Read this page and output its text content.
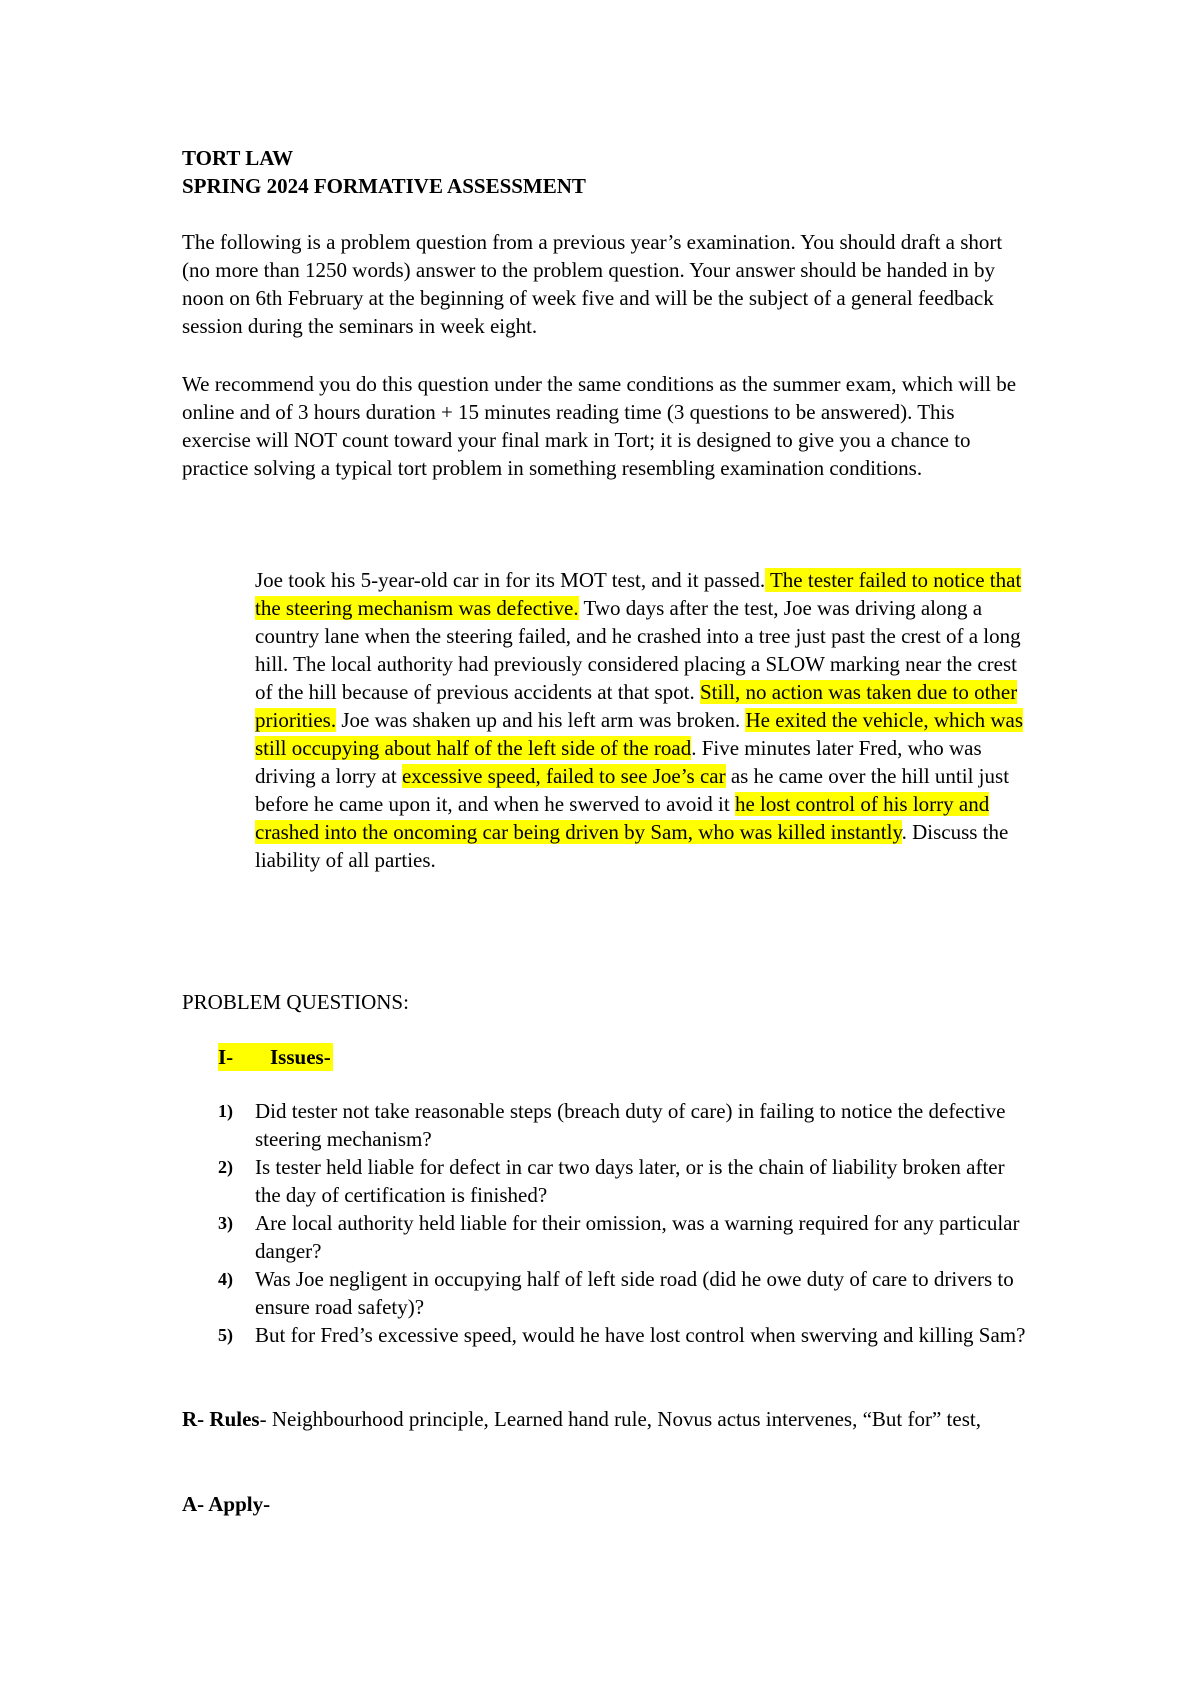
TORT LAW
SPRING 2024 FORMATIVE ASSESSMENT
The following is a problem question from a previous year’s examination. You should draft a short (no more than 1250 words) answer to the problem question. Your answer should be handed in by noon on 6th February at the beginning of week five and will be the subject of a general feedback session during the seminars in week eight.
We recommend you do this question under the same conditions as the summer exam, which will be online and of 3 hours duration + 15 minutes reading time (3 questions to be answered). This exercise will NOT count toward your final mark in Tort; it is designed to give you a chance to practice solving a typical tort problem in something resembling examination conditions.
Joe took his 5-year-old car in for its MOT test, and it passed. The tester failed to notice that the steering mechanism was defective. Two days after the test, Joe was driving along a country lane when the steering failed, and he crashed into a tree just past the crest of a long hill. The local authority had previously considered placing a SLOW marking near the crest of the hill because of previous accidents at that spot. Still, no action was taken due to other priorities. Joe was shaken up and his left arm was broken. He exited the vehicle, which was still occupying about half of the left side of the road. Five minutes later Fred, who was driving a lorry at excessive speed, failed to see Joe’s car as he came over the hill until just before he came upon it, and when he swerved to avoid it he lost control of his lorry and crashed into the oncoming car being driven by Sam, who was killed instantly. Discuss the liability of all parties.
PROBLEM QUESTIONS:
I- Issues-
1)	Did tester not take reasonable steps (breach duty of care) in failing to notice the defective steering mechanism?
2)	Is tester held liable for defect in car two days later, or is the chain of liability broken after the day of certification is finished?
3)	Are local authority held liable for their omission, was a warning required for any particular danger?
4)	Was Joe negligent in occupying half of left side road (did he owe duty of care to drivers to ensure road safety)?
5)	But for Fred’s excessive speed, would he have lost control when swerving and killing Sam?
R- Rules- Neighbourhood principle, Learned hand rule, Novus actus intervenes, “But for” test,
A- Apply-
